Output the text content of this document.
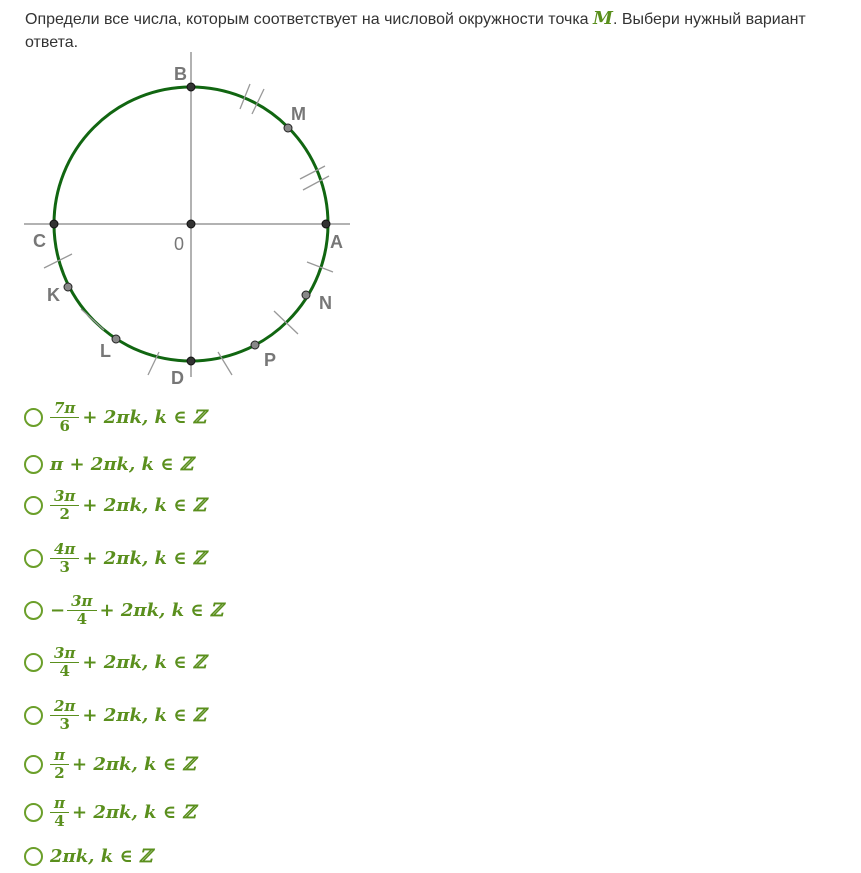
Определи все числа, которым соответствует на числовой окружности точка M. Выбери нужный вариант ответа.
B
M
C	0	A
K	N
L	P
D
$\frac{7\pi}{6} + 2\pi k$, k ∈ ℤ
π + 2πk, k ∈ ℤ
$\frac{3\pi}{2} + 2\pi k$, k ∈ ℤ
$\frac{4\pi}{3} + 2\pi k$, k ∈ ℤ
− $\frac{3\pi}{4} + 2\pi k$, k ∈ ℤ
$\frac{3\pi}{4} + 2\pi k$, k ∈ ℤ
$\frac{2\pi}{3} + 2\pi k$, k ∈ ℤ
$\frac{\pi}{2} + 2\pi k$, k ∈ ℤ
$\frac{\pi}{4} + 2\pi k$, k ∈ ℤ
2πk, k ∈ ℤ
